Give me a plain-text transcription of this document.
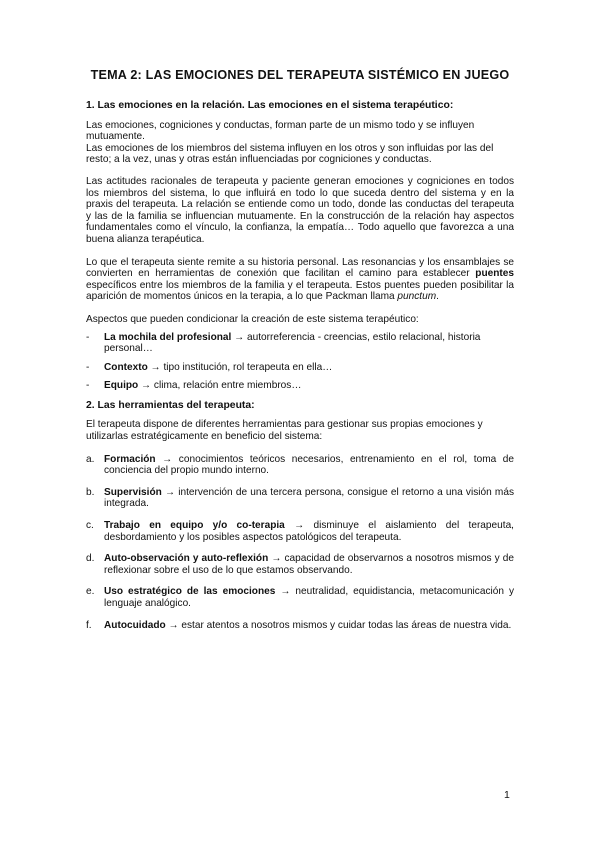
TEMA 2: LAS EMOCIONES DEL TERAPEUTA SISTÉMICO EN JUEGO
1. Las emociones en la relación. Las emociones en el sistema terapéutico:

Las emociones, cogniciones y conductas, forman parte de un mismo todo y se influyen mutuamente.

Las emociones de los miembros del sistema influyen en los otros y son influidas por las del resto; a la vez, unas y otras están influenciadas por cogniciones y conductas.

Las actitudes racionales de terapeuta y paciente generan emociones y cogniciones en todos los miembros del sistema, lo que influirá en todo lo que suceda dentro del sistema y en la praxis del terapeuta. La relación se entiende como un todo, donde las conductas del terapeuta y las de la familia se influencian mutuamente. En la construcción de la relación hay aspectos fundamentales como el vínculo, la confianza, la empatía… Todo aquello que favorezca a una buena alianza terapéutica.

Lo que el terapeuta siente remite a su historia personal. Las resonancias y los ensamblajes se convierten en herramientas de conexión que facilitan el camino para establecer puentes específicos entre los miembros de la familia y el terapeuta. Estos puentes pueden posibilitar la aparición de momentos únicos en la terapia, a lo que Packman llama punctum.

Aspectos que pueden condicionar la creación de este sistema terapéutico:

-	La mochila del profesional → autorreferencia - creencias, estilo relacional, historia personal…
-	Contexto → tipo institución, rol terapeuta en ella…
-	Equipo → clima, relación entre miembros…
2. Las herramientas del terapeuta:

El terapeuta dispone de diferentes herramientas para gestionar sus propias emociones y utilizarlas estratégicamente en beneficio del sistema:

a. Formación → conocimientos teóricos necesarios, entrenamiento en el rol, toma de conciencia del propio mundo interno.
b. Supervisión → intervención de una tercera persona, consigue el retorno a una visión más integrada.
c.	Trabajo en equipo y/o co-terapia → disminuye el aislamiento del terapeuta, desbordamiento y los posibles aspectos patológicos del terapeuta.
d. Auto-observación y auto-reflexión → capacidad de observarnos a nosotros mismos y de reflexionar sobre el uso de lo que estamos observando.
e. Uso estratégico de las emociones → neutralidad, equidistancia, metacomunicación y lenguaje analógico.
f.	Autocuidado → estar atentos a nosotros mismos y cuidar todas las áreas de nuestra vida.
1
